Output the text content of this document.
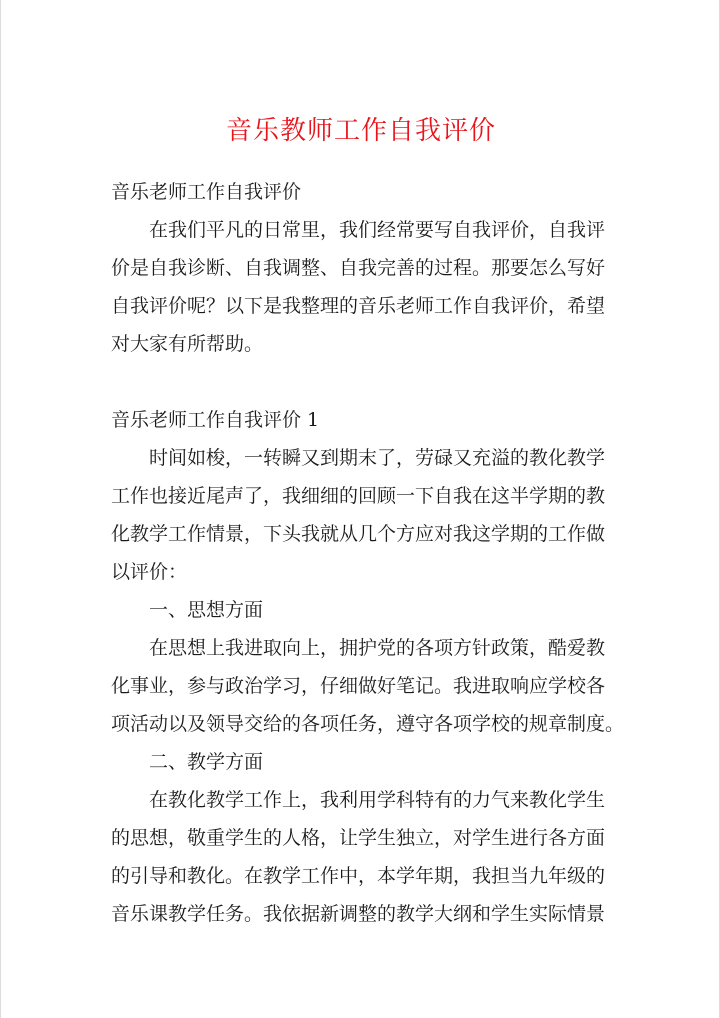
音乐教师工作自我评价
音乐老师工作自我评价
在我们平凡的日常里，我们经常要写自我评价，自我评
价是自我诊断、自我调整、自我完善的过程。那要怎么写好
自我评价呢？以下是我整理的音乐老师工作自我评价，希望
对大家有所帮助。
音乐老师工作自我评价 1
时间如梭，一转瞬又到期末了，劳碌又充溢的教化教学
工作也接近尾声了，我细细的回顾一下自我在这半学期的教
化教学工作情景，下头我就从几个方应对我这学期的工作做
以评价：
一、思想方面
在思想上我进取向上，拥护党的各项方针政策，酷爱教
化事业，参与政治学习，仔细做好笔记。我进取响应学校各
项活动以及领导交给的各项任务，遵守各项学校的规章制度。
二、教学方面
在教化教学工作上，我利用学科特有的力气来教化学生
的思想，敬重学生的人格，让学生独立，对学生进行各方面
的引导和教化。在教学工作中，本学年期，我担当九年级的
音乐课教学任务。我依据新调整的教学大纲和学生实际情景
